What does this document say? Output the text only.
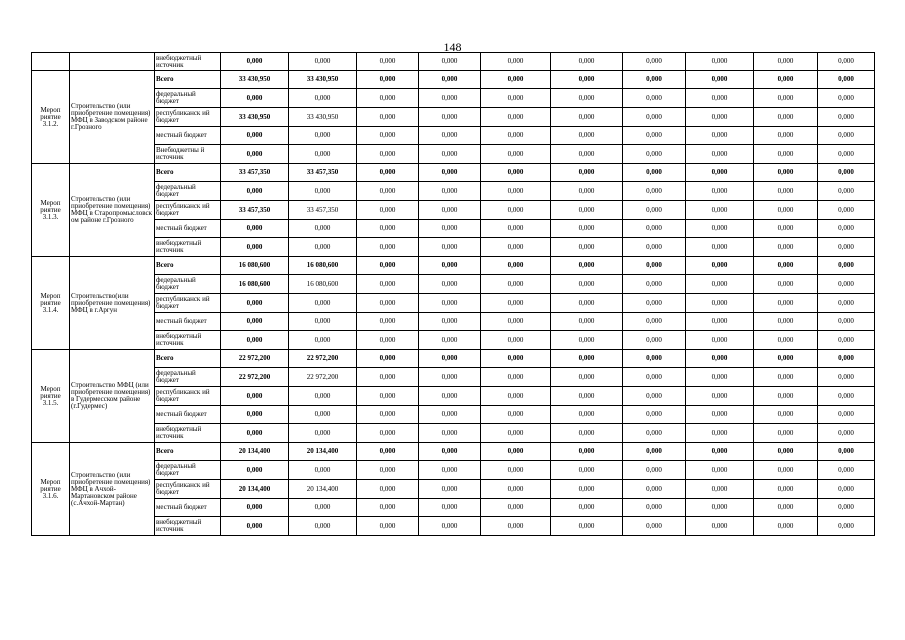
148
		внебюджетный источник	0,000	0,000	0,000	0,000	0,000	0,000	0,000	0,000	0,000	0,000
Мероп риятие 3.1.2.	Строительство (или приобретение помещения) МФЦ в Заводском районе г.Грозного	Всего	33 430,950	33 430,950	0,000	0,000	0,000	0,000	0,000	0,000	0,000	0,000
		федеральный бюджет	0,000	0,000	0,000	0,000	0,000	0,000	0,000	0,000	0,000	0,000
		республиканск ий бюджет	33 430,950	33 430,950	0,000	0,000	0,000	0,000	0,000	0,000	0,000	0,000
		местный бюджет	0,000	0,000	0,000	0,000	0,000	0,000	0,000	0,000	0,000	0,000
		Внебюджетны й источник	0,000	0,000	0,000	0,000	0,000	0,000	0,000	0,000	0,000	0,000
Мероп риятие 3.1.3.	Строительство (или приобретение помещения) МФЦ в Старопромысловск ом районе г.Грозного	Всего	33 457,350	33 457,350	0,000	0,000	0,000	0,000	0,000	0,000	0,000	0,000
		федеральный бюджет	0,000	0,000	0,000	0,000	0,000	0,000	0,000	0,000	0,000	0,000
		республиканск ий бюджет	33 457,350	33 457,350	0,000	0,000	0,000	0,000	0,000	0,000	0,000	0,000
		местный бюджет	0,000	0,000	0,000	0,000	0,000	0,000	0,000	0,000	0,000	0,000
		внебюджетный источник	0,000	0,000	0,000	0,000	0,000	0,000	0,000	0,000	0,000	0,000
Мероп риятие 3.1.4.	Строительство(или приобретение помещения) МФЦ в г.Аргун	Всего	16 080,600	16 080,600	0,000	0,000	0,000	0,000	0,000	0,000	0,000	0,000
		федеральный бюджет	16 080,600	16 080,600	0,000	0,000	0,000	0,000	0,000	0,000	0,000	0,000
		республиканск ий бюджет	0,000	0,000	0,000	0,000	0,000	0,000	0,000	0,000	0,000	0,000
		местный бюджет	0,000	0,000	0,000	0,000	0,000	0,000	0,000	0,000	0,000	0,000
		внебюджетный источник	0,000	0,000	0,000	0,000	0,000	0,000	0,000	0,000	0,000	0,000
Мероп риятие 3.1.5.	Строительство МФЦ (или приобретение помещения) в Гудермесском районе (г.Гудермес)	Всего	22 972,200	22 972,200	0,000	0,000	0,000	0,000	0,000	0,000	0,000	0,000
		федеральный бюджет	22 972,200	22 972,200	0,000	0,000	0,000	0,000	0,000	0,000	0,000	0,000
		республиканск ий бюджет	0,000	0,000	0,000	0,000	0,000	0,000	0,000	0,000	0,000	0,000
		местный бюджет	0,000	0,000	0,000	0,000	0,000	0,000	0,000	0,000	0,000	0,000
		внебюджетный источник	0,000	0,000	0,000	0,000	0,000	0,000	0,000	0,000	0,000	0,000
Мероп риятие 3.1.6.	Строительство (или приобретение помещения) МФЦ в Ачхой-Мартановском районе (с.Ачхой-Мартан)	Всего	20 134,400	20 134,400	0,000	0,000	0,000	0,000	0,000	0,000	0,000	0,000
		федеральный бюджет	0,000	0,000	0,000	0,000	0,000	0,000	0,000	0,000	0,000	0,000
		республиканск ий бюджет	20 134,400	20 134,400	0,000	0,000	0,000	0,000	0,000	0,000	0,000	0,000
		местный бюджет	0,000	0,000	0,000	0,000	0,000	0,000	0,000	0,000	0,000	0,000
		внебюджетный источник	0,000	0,000	0,000	0,000	0,000	0,000	0,000	0,000	0,000	0,000
